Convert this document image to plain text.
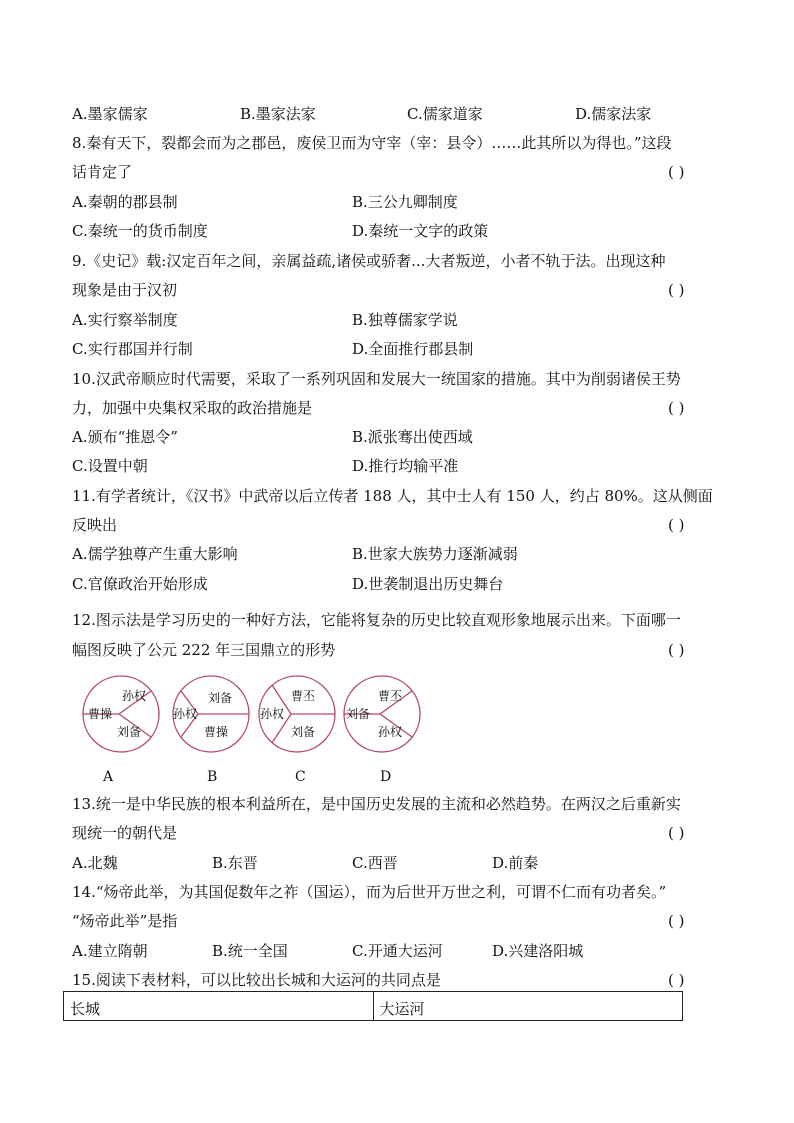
A.墨家儒家	B.墨家法家	C.儒家道家	D.儒家法家
8.秦有天下，裂都会而为之郡邑，废侯卫而为守宰（宰：县令）……此其所以为得也。”这段
话肯定了	( )
A.秦朝的郡县制	B.三公九卿制度
C.秦统一的货币制度	D.秦统一文字的政策
9.《史记》载:汉定百年之间，亲属益疏,诸侯或骄奢...大者叛逆，小者不轨于法。出现这种
现象是由于汉初	( )
A.实行察举制度	B.独尊儒家学说
C.实行郡国并行制	D.全面推行郡县制
10.汉武帝顺应时代需要，采取了一系列巩固和发展大一统国家的措施。其中为削弱诸侯王势
力，加强中央集权采取的政治措施是	( )
A.颁布“推恩令”	B.派张骞出使西域
C.设置中朝	D.推行均输平准
11.有学者统计，《汉书》中武帝以后立传者 188 人，其中士人有 150 人，约占 80%。这从侧面
反映出	( )
A.儒学独尊产生重大影响	B.世家大族势力逐渐减弱
C.官僚政治开始形成	D.世袭制退出历史舞台
12.图示法是学习历史的一种好方法，它能将复杂的历史比较直观形象地展示出来。下面哪一
幅图反映了公元 222 年三国鼎立的形势	( )
曹操
孙权
刘备
孙权
刘备
曹操
孙权
曹丕
刘备
刘备
曹丕
孙权
A	B	C	D
13.统一是中华民族的根本利益所在，是中国历史发展的主流和必然趋势。在两汉之后重新实
现统一的朝代是	( )
A.北魏	B.东晋	C.西晋	D.前秦
14.“炀帝此举，为其国促数年之祚（国运），而为后世开万世之利，可谓不仁而有功者矣。”
“炀帝此举”是指	( )
A.建立隋朝	B.统一全国	C.开通大运河	D.兴建洛阳城
15.阅读下表材料，可以比较出长城和大运河的共同点是	( )
长城	大运河
